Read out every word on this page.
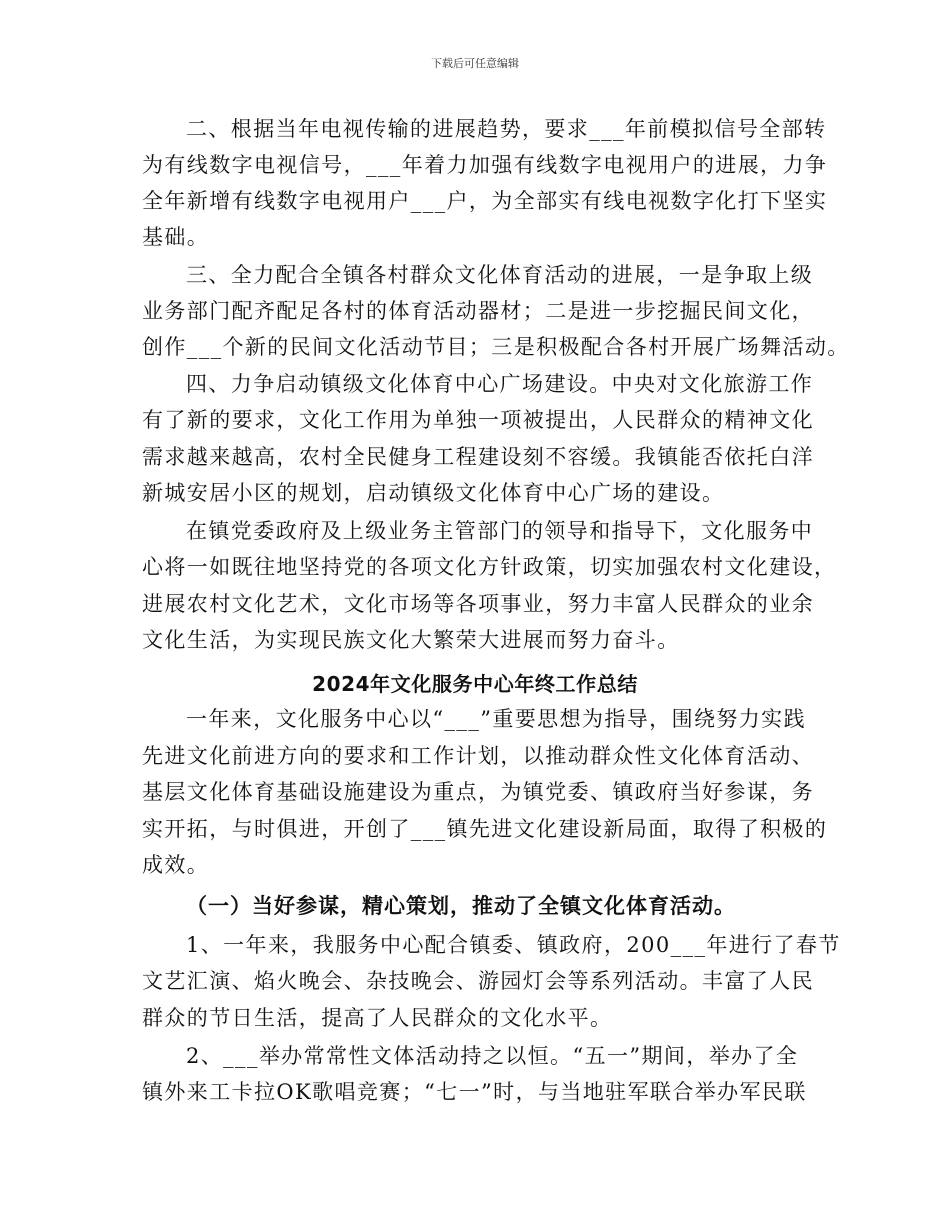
下载后可任意编辑
二、根据当年电视传输的进展趋势，要求___年前模拟信号全部转
为有线数字电视信号，___年着力加强有线数字电视用户的进展，力争
全年新增有线数字电视用户___户，为全部实有线电视数字化打下坚实
基础。
三、全力配合全镇各村群众文化体育活动的进展，一是争取上级
业务部门配齐配足各村的体育活动器材；二是进一步挖掘民间文化，
创作___个新的民间文化活动节目；三是积极配合各村开展广场舞活动。
四、力争启动镇级文化体育中心广场建设。中央对文化旅游工作
有了新的要求，文化工作用为单独一项被提出，人民群众的精神文化
需求越来越高，农村全民健身工程建设刻不容缓。我镇能否依托白洋
新城安居小区的规划，启动镇级文化体育中心广场的建设。
在镇党委政府及上级业务主管部门的领导和指导下，文化服务中
心将一如既往地坚持党的各项文化方针政策，切实加强农村文化建设，
进展农村文化艺术，文化市场等各项事业，努力丰富人民群众的业余
文化生活，为实现民族文化大繁荣大进展而努力奋斗。
2024年文化服务中心年终工作总结
一年来，文化服务中心以“___”重要思想为指导，围绕努力实践
先进文化前进方向的要求和工作计划，以推动群众性文化体育活动、
基层文化体育基础设施建设为重点，为镇党委、镇政府当好参谋，务
实开拓，与时俱进，开创了___镇先进文化建设新局面，取得了积极的
成效。
（一）当好参谋，精心策划，推动了全镇文化体育活动。
1、一年来，我服务中心配合镇委、镇政府，200___年进行了春节
文艺汇演、焰火晚会、杂技晚会、游园灯会等系列活动。丰富了人民
群众的节日生活，提高了人民群众的文化水平。
2、___举办常常性文体活动持之以恒。“五一”期间，举办了全
镇外来工卡拉OK歌唱竞赛；“七一”时，与当地驻军联合举办军民联
